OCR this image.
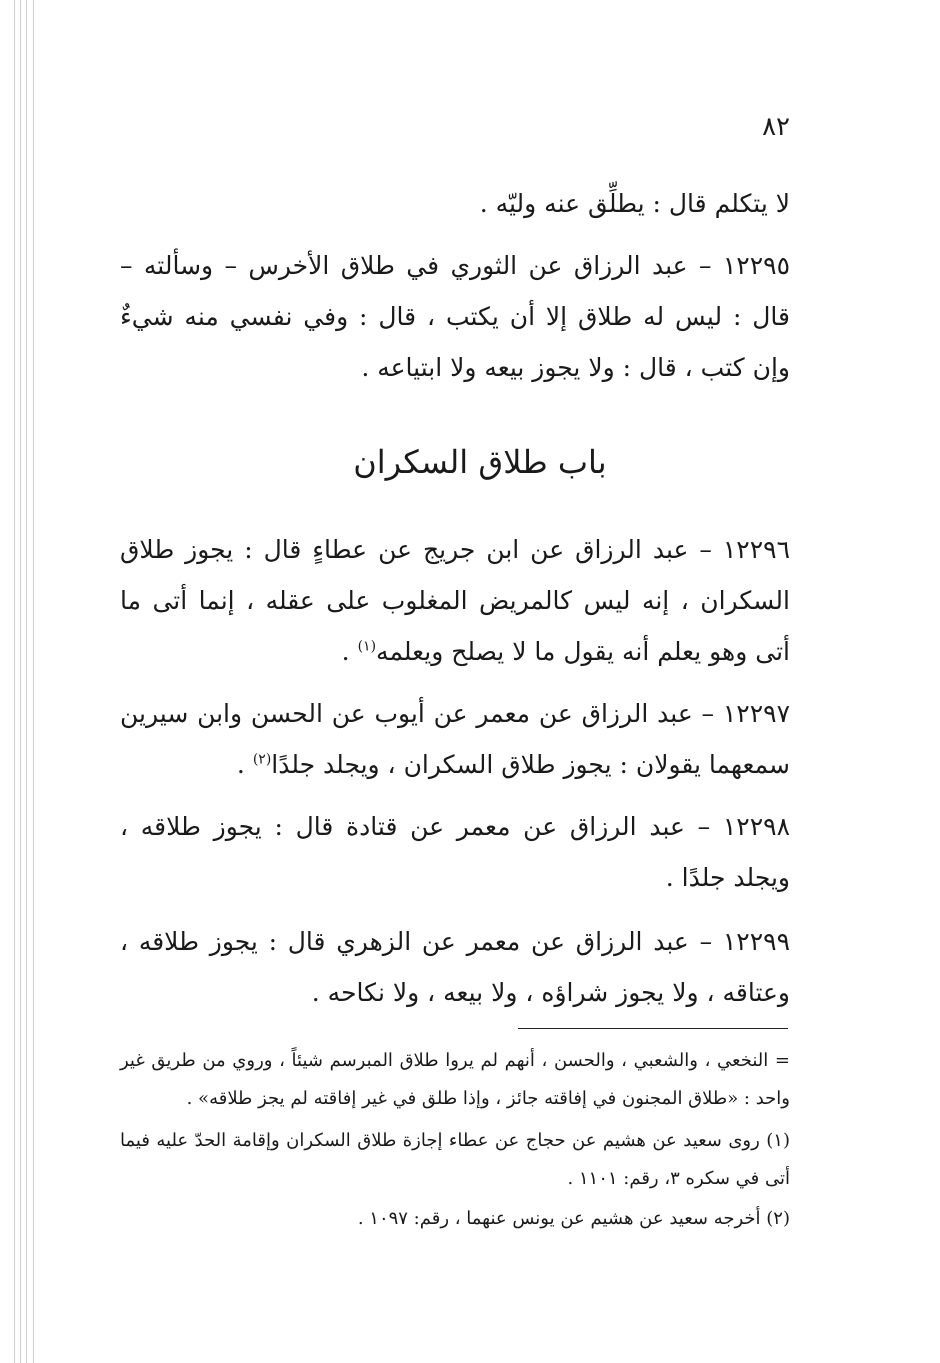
٨٢
لا يتكلم قال : يطلِّق عنه وليّه .
١٢٢٩٥ – عبد الرزاق عن الثوري في طلاق الأخرس – وسألته – قال : ليس له طلاق إلا أن يكتب ، قال : وفي نفسي منه شيءٌ وإن كتب ، قال : ولا يجوز بيعه ولا ابتياعه .
باب طلاق السكران
١٢٢٩٦ – عبد الرزاق عن ابن جريج عن عطاءٍ قال : يجوز طلاق السكران ، إنه ليس كالمريض المغلوب على عقله ، إنما أتى ما أتى وهو يعلم أنه يقول ما لا يصلح ويعلمه$^{(١)}$ .
١٢٢٩٧ – عبد الرزاق عن معمر عن أيوب عن الحسن وابن سيرين سمعهما يقولان : يجوز طلاق السكران ، ويجلد جلدًا$^{(٢)}$ .
١٢٢٩٨ – عبد الرزاق عن معمر عن قتادة قال : يجوز طلاقه ، ويجلد جلدًا .
١٢٢٩٩ – عبد الرزاق عن معمر عن الزهري قال : يجوز طلاقه ، وعتاقه ، ولا يجوز شراؤه ، ولا بيعه ، ولا نكاحه .
= النخعي ، والشعبي ، والحسن ، أنهم لم يروا طلاق المبرسم شيئاً ، وروي من طريق غير واحد : «طلاق المجنون في إفاقته جائز ، وإذا طلق في غير إفاقته لم يجز طلاقه» .
(١) روى سعيد عن هشيم عن حجاج عن عطاء إجازة طلاق السكران وإقامة الحدّ عليه فيما أتى في سكره ٣، رقم: ١١٠١ .
(٢) أخرجه سعيد عن هشيم عن يونس عنهما ، رقم: ١٠٩٧ .
